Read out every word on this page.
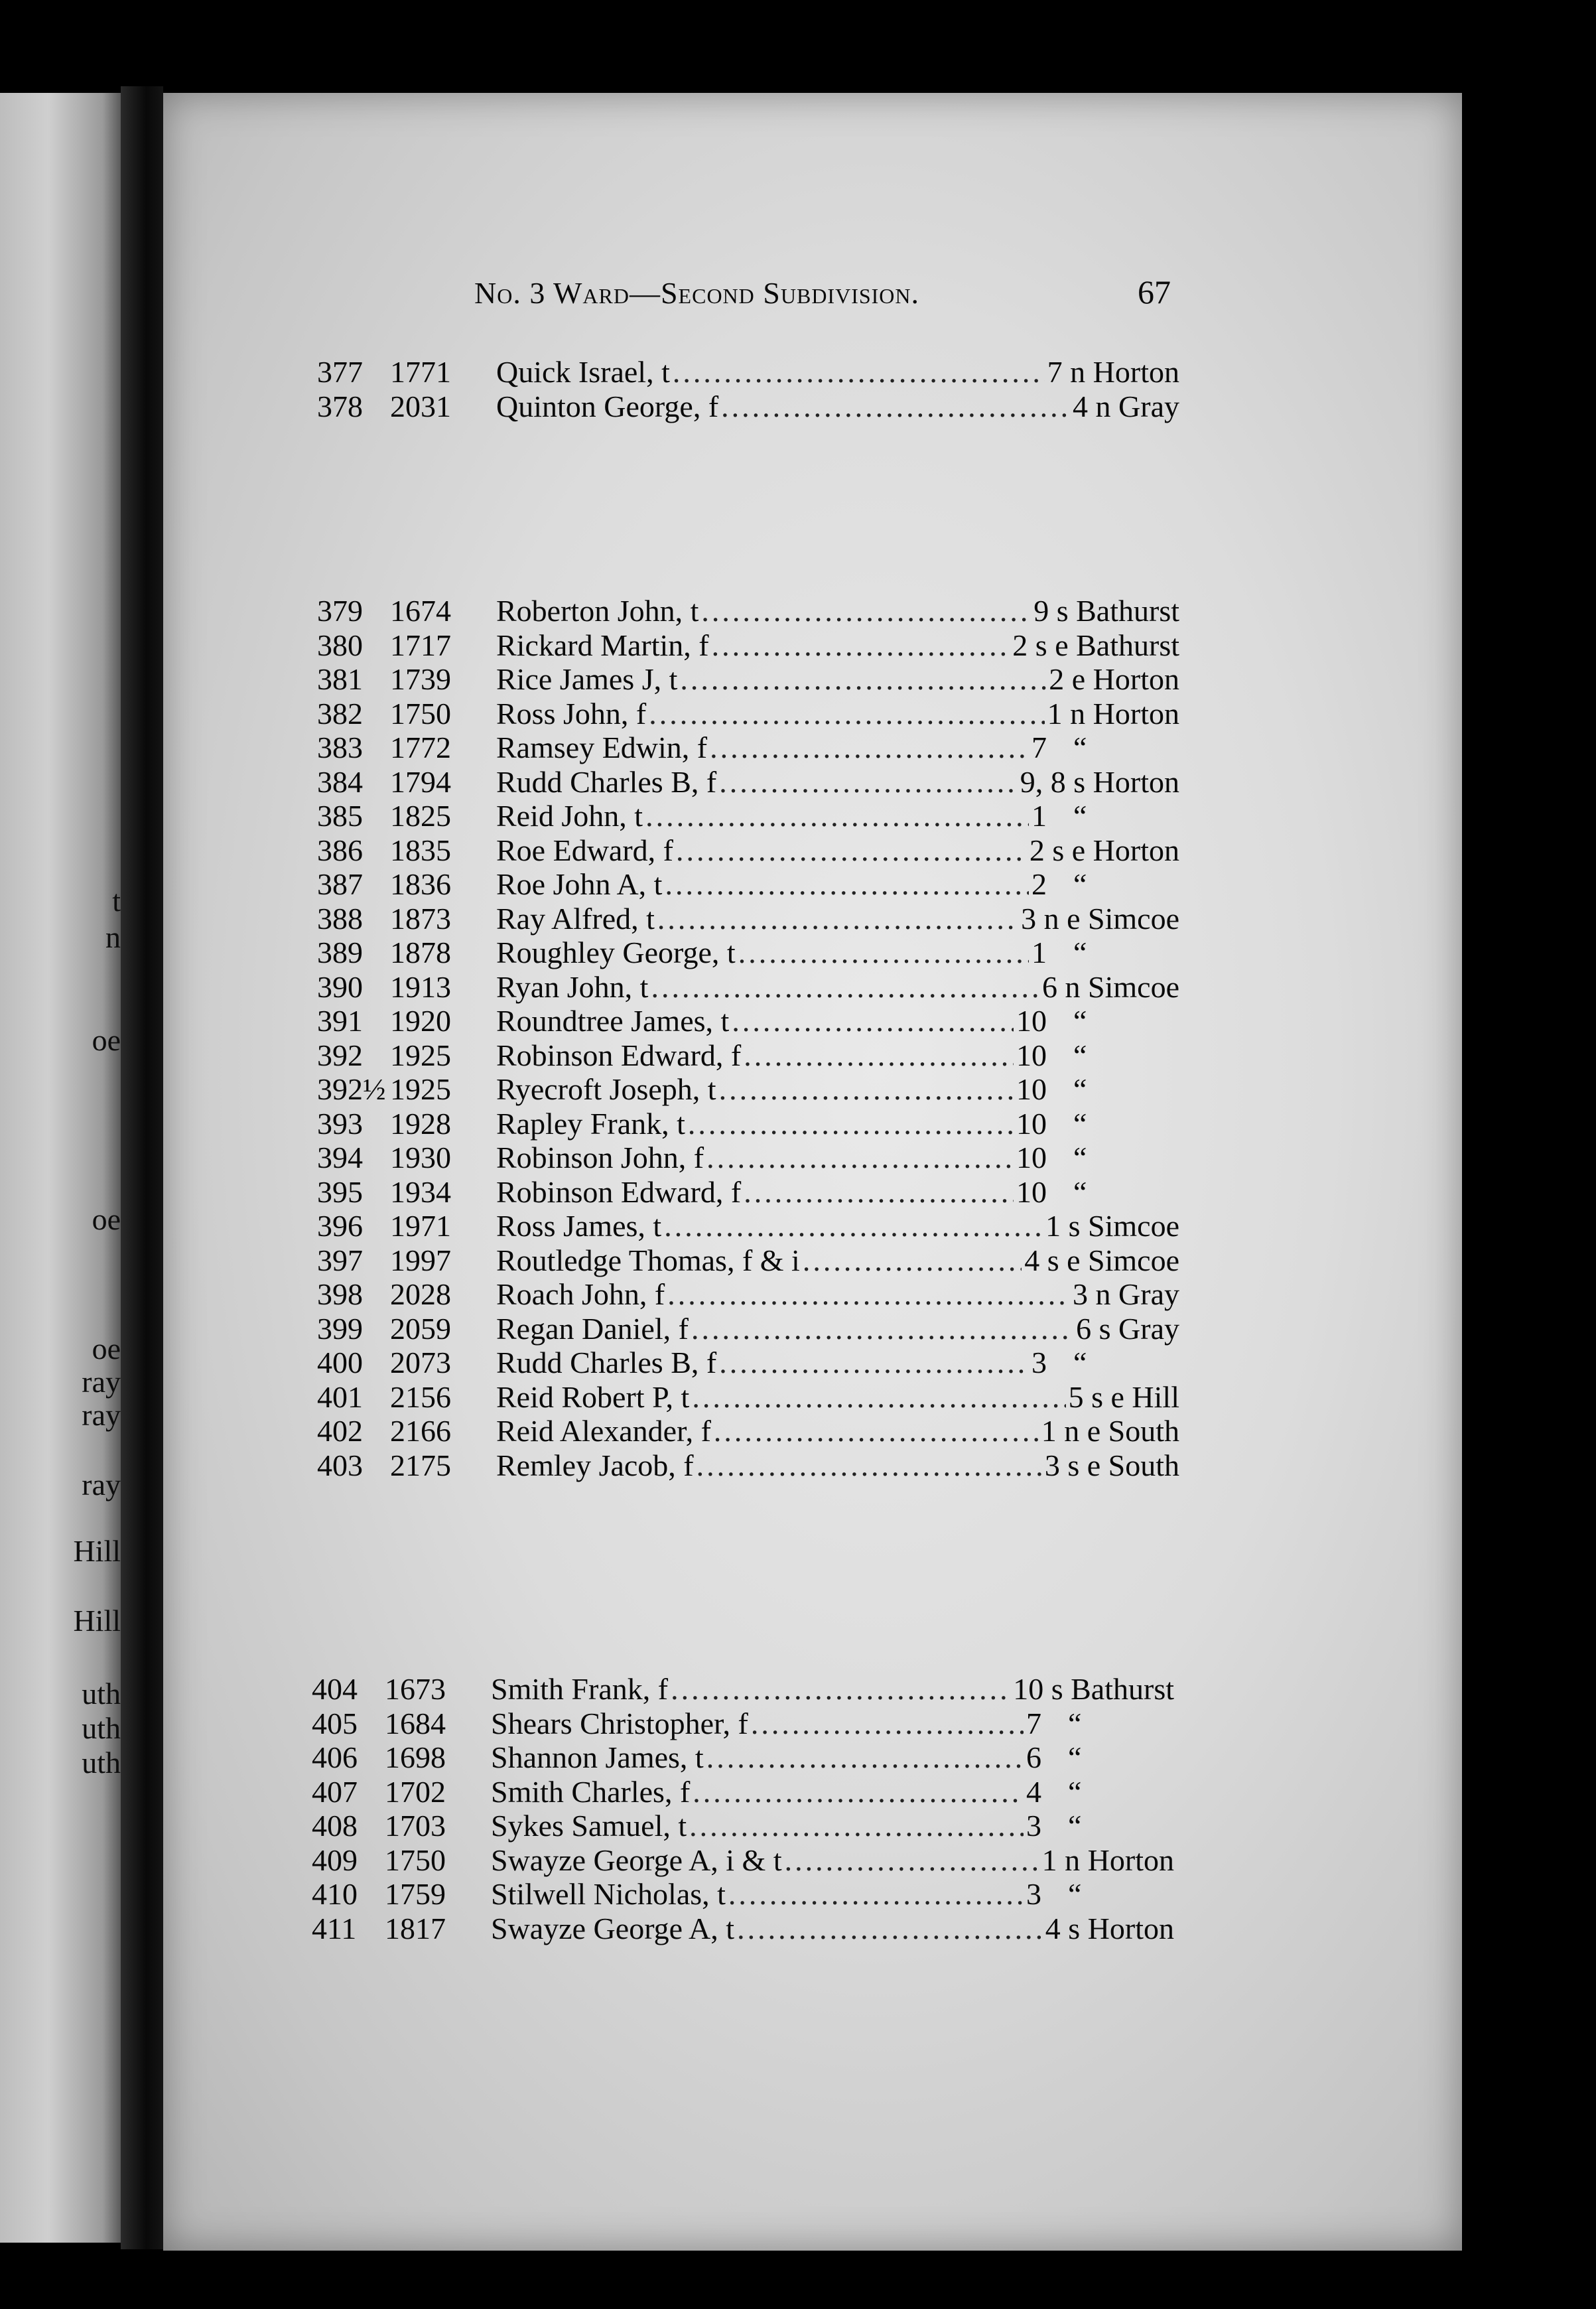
t
n
oe
oe
oe
ray
ray
ray
Hill
Hill
uth
uth
uth
No. 3 Ward—Second Subdivision.	67
377 1771	Quick Israel, t .....	7 n Horton
378 2031	Quinton George, f .....	4 n Gray
379 1674	Roberton John, t .....	9 s Bathurst
380 1717	Rickard Martin, f .....	2 s e Bathurst
381 1739	Rice James J, t .....	2 e Horton
382 1750	Ross John, f .....	1 n Horton
383 1772	Ramsey Edwin, f .....	7 “
384 1794	Rudd Charles B, f .....	9, 8 s Horton
385 1825	Reid John, t .....	1 “
386 1835	Roe Edward, f .....	2 s e Horton
387 1836	Roe John A, t .....	2 “
388 1873	Ray Alfred, t .....	3 n e Simcoe
389 1878	Roughley George, t .....	1 “
390 1913	Ryan John, t .....	6 n Simcoe
391 1920	Roundtree James, t .....	10 “
392 1925	Robinson Edward, f .....	10 “
392½ 1925	Ryecroft Joseph, t .....	10 “
393 1928	Rapley Frank, t .....	10 “
394 1930	Robinson John, f .....	10 “
395 1934	Robinson Edward, f .....	10 “
396 1971	Ross James, t .....	1 s Simcoe
397 1997	Routledge Thomas, f & i .....	4 s e Simcoe
398 2028	Roach John, f .....	3 n Gray
399 2059	Regan Daniel, f .....	6 s Gray
400 2073	Rudd Charles B, f .....	3 “
401 2156	Reid Robert P, t .....	5 s e Hill
402 2166	Reid Alexander, f .....	1 n e South
403 2175	Remley Jacob, f .....	3 s e South
404 1673	Smith Frank, f .....	10 s Bathurst
405 1684	Shears Christopher, f .....	7 “
406 1698	Shannon James, t .....	6 “
407 1702	Smith Charles, f .....	4 “
408 1703	Sykes Samuel, t .....	3 “
409 1750	Swayze George A, i & t .....	1 n Horton
410 1759	Stilwell Nicholas, t .....	3 “
411 1817	Swayze George A, t .....	4 s Horton
